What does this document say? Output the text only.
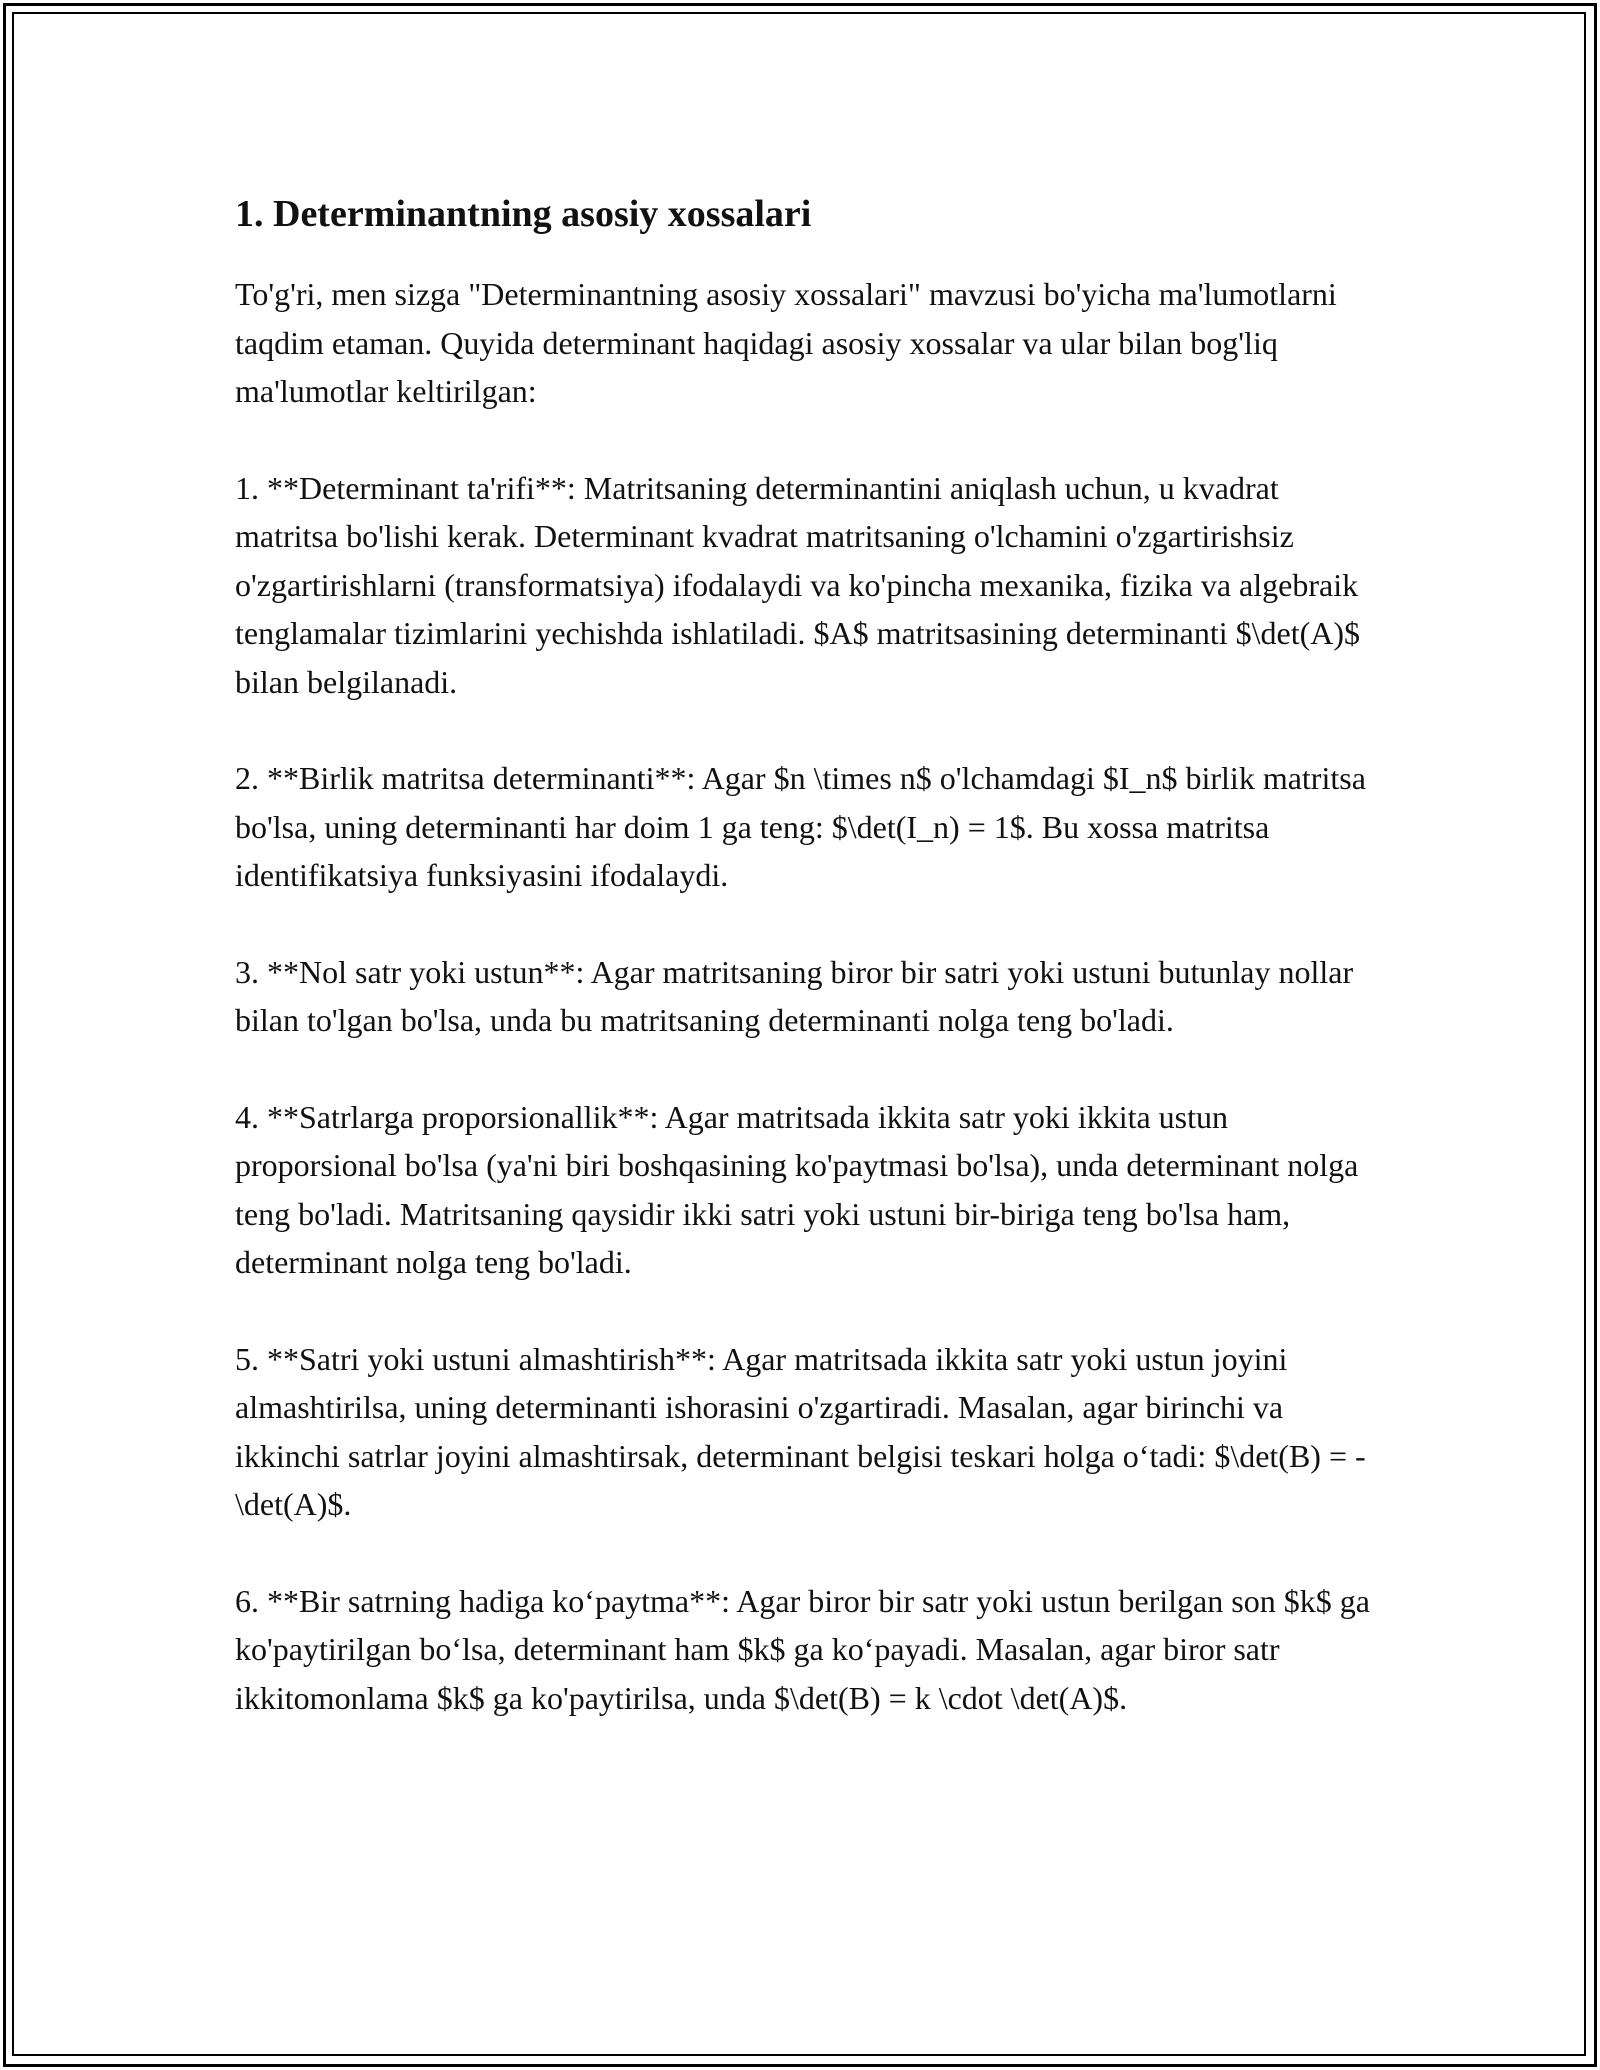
1. Determinantning asosiy xossalari

To'g'ri, men sizga "Determinantning asosiy xossalari" mavzusi bo'yicha ma'lumotlarni taqdim etaman. Quyida determinant haqidagi asosiy xossalar va ular bilan bog'liq ma'lumotlar keltirilgan:

1. **Determinant ta'rifi**: Matritsaning determinantini aniqlash uchun, u kvadrat matritsa bo'lishi kerak. Determinant kvadrat matritsaning o'lchamini o'zgartirishsiz o'zgartirishlarni (transformatsiya) ifodalaydi va ko'pincha mexanika, fizika va algebraik tenglamalar tizimlarini yechishda ishlatiladi. $A$ matritsasining determinanti $\det(A)$ bilan belgilanadi.

2. **Birlik matritsa determinanti**: Agar $n \times n$ o'lchamdagi $I_n$ birlik matritsa bo'lsa, uning determinanti har doim 1 ga teng: $\det(I_n) = 1$. Bu xossa matritsa identifikatsiya funksiyasini ifodalaydi.

3. **Nol satr yoki ustun**: Agar matritsaning biror bir satri yoki ustuni butunlay nollar bilan to'lgan bo'lsa, unda bu matritsaning determinanti nolga teng bo'ladi.

4. **Satrlarga proporsionallik**: Agar matritsada ikkita satr yoki ikkita ustun proporsional bo'lsa (ya'ni biri boshqasining ko'paytmasi bo'lsa), unda determinant nolga teng bo'ladi. Matritsaning qaysidir ikki satri yoki ustuni bir-biriga teng bo'lsa ham, determinant nolga teng bo'ladi.

5. **Satri yoki ustuni almashtirish**: Agar matritsada ikkita satr yoki ustun joyini almashtirilsa, uning determinanti ishorasini o'zgartiradi. Masalan, agar birinchi va ikkinchi satrlar joyini almashtirsak, determinant belgisi teskari holga o‘tadi: $\det(B) = -\det(A)$.

6. **Bir satrning hadiga ko‘paytma**: Agar biror bir satr yoki ustun berilgan son $k$ ga ko'paytirilgan bo‘lsa, determinant ham $k$ ga ko‘payadi. Masalan, agar biror satr ikkitomonlama $k$ ga ko'paytirilsa, unda $\det(B) = k \cdot \det(A)$.
